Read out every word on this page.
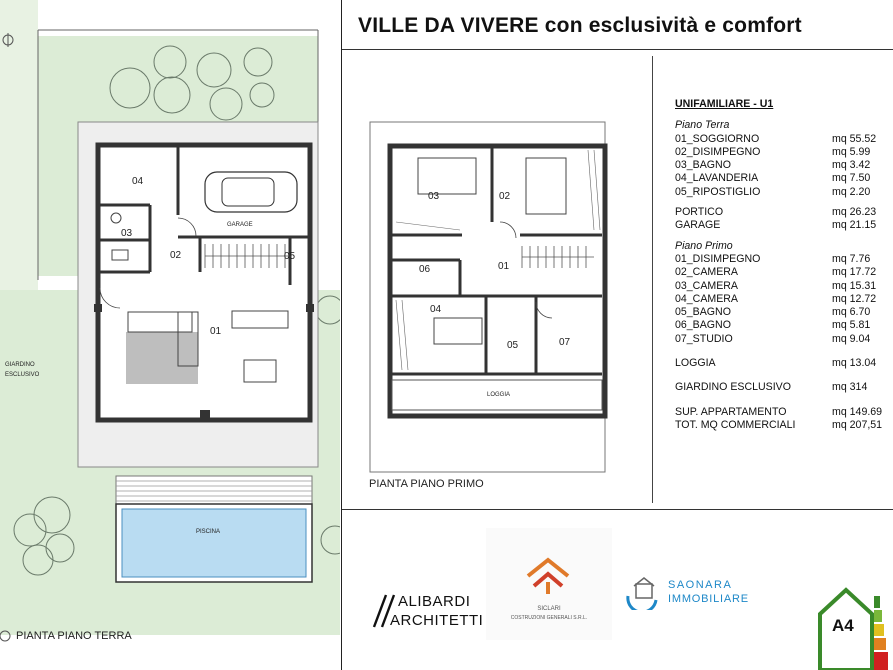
VILLE DA VIVERE con esclusività e comfort
04
03
02	05
01
GARAGE
PISCINA
GIARDINO
ESCLUSIVO
PIANTA PIANO TERRA
03	02
06	01
04
05	07
LOGGIA
PIANTA PIANO PRIMO
UNIFAMILIARE - U1
Piano Terra
01_SOGGIORNO	mq 55.52
02_DISIMPEGNO	mq 5.99
03_BAGNO	mq 3.42
04_LAVANDERIA	mq 7.50
05_RIPOSTIGLIO	mq 2.20
PORTICO	mq 26.23
GARAGE	mq 21.15
Piano Primo
01_DISIMPEGNO	mq 7.76
02_CAMERA	mq 17.72
03_CAMERA	mq 15.31
04_CAMERA	mq 12.72
05_BAGNO	mq 6.70
06_BAGNO	mq 5.81
07_STUDIO	mq 9.04
LOGGIA	mq 13.04
GIARDINO ESCLUSIVO	mq 314
SUP. APPARTAMENTO	mq 149.69
TOT. MQ COMMERCIALI	mq 207,51
ALIBARDI
ARCHITETTI
SICLARI
COSTRUZIONI GENERALI S.R.L.
SAONARA
IMMOBILIARE
A4
